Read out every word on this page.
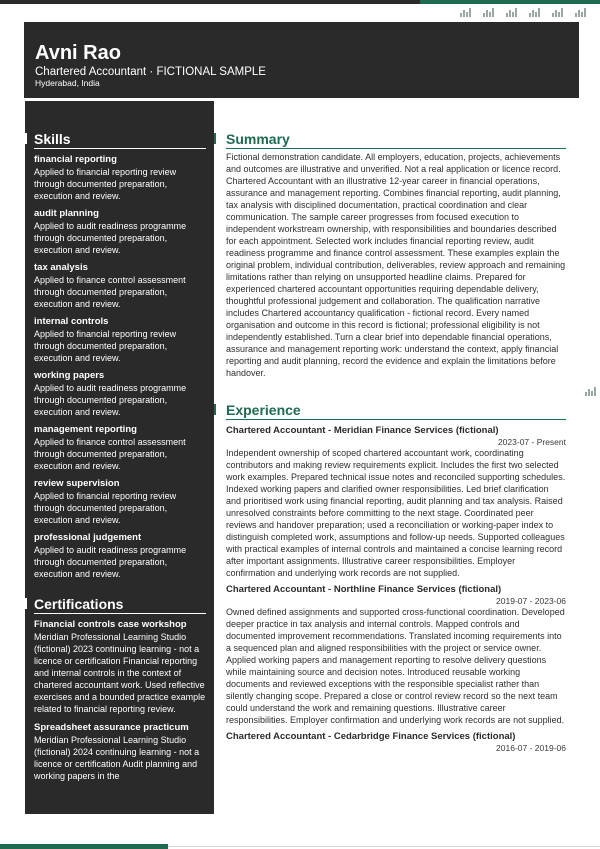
Avni Rao
Chartered Accountant · FICTIONAL SAMPLE
Hyderabad, India
Skills
financial reporting
Applied to financial reporting review through documented preparation, execution and review.
audit planning
Applied to audit readiness programme through documented preparation, execution and review.
tax analysis
Applied to finance control assessment through documented preparation, execution and review.
internal controls
Applied to financial reporting review through documented preparation, execution and review.
working papers
Applied to audit readiness programme through documented preparation, execution and review.
management reporting
Applied to finance control assessment through documented preparation, execution and review.
review supervision
Applied to financial reporting review through documented preparation, execution and review.
professional judgement
Applied to audit readiness programme through documented preparation, execution and review.
Certifications
Financial controls case workshop
Meridian Professional Learning Studio (fictional) 2023 continuing learning - not a licence or certification Financial reporting and internal controls in the context of chartered accountant work. Used reflective exercises and a bounded practice example related to financial reporting review.
Spreadsheet assurance practicum
Meridian Professional Learning Studio (fictional) 2024 continuing learning - not a licence or certification Audit planning and working papers in the
Summary
Fictional demonstration candidate. All employers, education, projects, achievements and outcomes are illustrative and unverified. Not a real application or licence record. Chartered Accountant with an illustrative 12-year career in financial operations, assurance and management reporting. Combines financial reporting, audit planning, tax analysis with disciplined documentation, practical coordination and clear communication. The sample career progresses from focused execution to independent workstream ownership, with responsibilities and boundaries described for each appointment. Selected work includes financial reporting review, audit readiness programme and finance control assessment. These examples explain the original problem, individual contribution, deliverables, review approach and remaining limitations rather than relying on unsupported headline claims. Prepared for experienced chartered accountant opportunities requiring dependable delivery, thoughtful professional judgement and collaboration. The qualification narrative includes Chartered accountancy qualification - fictional record. Every named organisation and outcome in this record is fictional; professional eligibility is not independently established. Turn a clear brief into dependable financial operations, assurance and management reporting work: understand the context, apply financial reporting and audit planning, record the evidence and explain the limitations before handover.
Experience
Chartered Accountant - Meridian Finance Services (fictional)
2023-07 - Present
Independent ownership of scoped chartered accountant work, coordinating contributors and making review requirements explicit. Includes the first two selected work examples. Prepared technical issue notes and reconciled supporting schedules. Indexed working papers and clarified owner responsibilities. Led brief clarification and prioritised work using financial reporting, audit planning and tax analysis. Raised unresolved constraints before committing to the next stage. Coordinated peer reviews and handover preparation; used a reconciliation or working-paper index to distinguish completed work, assumptions and follow-up needs. Supported colleagues with practical examples of internal controls and maintained a concise learning record after important assignments. Illustrative career responsibilities. Employer confirmation and underlying work records are not supplied.
Chartered Accountant - Northline Finance Services (fictional)
2019-07 - 2023-06
Owned defined assignments and supported cross-functional coordination. Developed deeper practice in tax analysis and internal controls. Mapped controls and documented improvement recommendations. Translated incoming requirements into a sequenced plan and aligned responsibilities with the project or service owner. Applied working papers and management reporting to resolve delivery questions while maintaining source and decision notes. Introduced reusable working documents and reviewed exceptions with the responsible specialist rather than silently changing scope. Prepared a close or control review record so the next team could understand the work and remaining questions. Illustrative career responsibilities. Employer confirmation and underlying work records are not supplied.
Chartered Accountant - Cedarbridge Finance Services (fictional)
2016-07 - 2019-06
